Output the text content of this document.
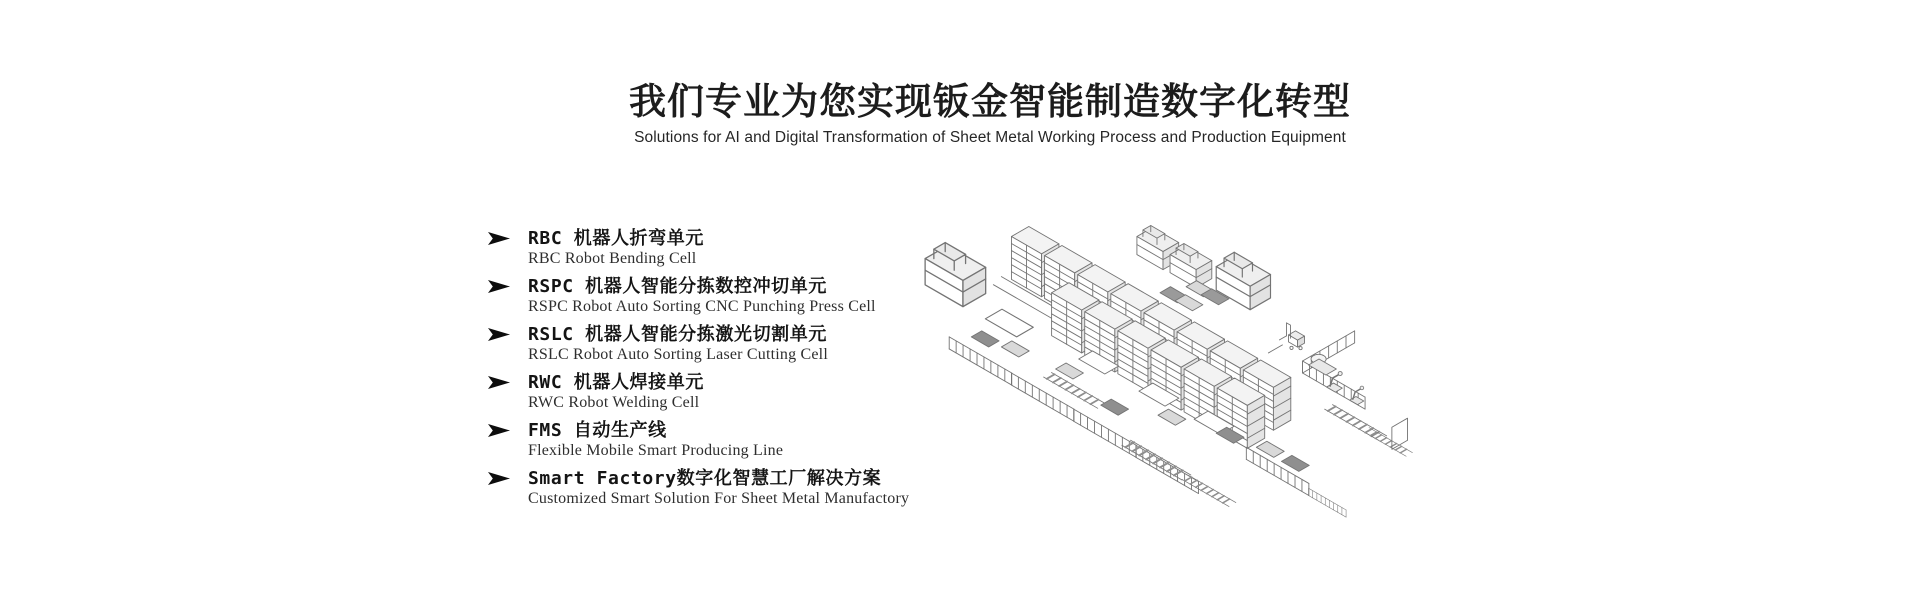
我们专业为您实现钣金智能制造数字化转型

Solutions for AI and Digital Transformation of Sheet Metal Working Process and Production Equipment

RBC 机器人折弯单元
RBC Robot Bending Cell
RSPC 机器人智能分拣数控冲切单元
RSPC Robot Auto Sorting CNC Punching Press Cell
RSLC 机器人智能分拣激光切割单元
RSLC Robot Auto Sorting Laser Cutting Cell
RWC 机器人焊接单元
RWC Robot Welding Cell
FMS 自动生产线
Flexible Mobile Smart Producing Line
Smart Factory数字化智慧工厂解决方案
Customized Smart Solution For Sheet Metal Manufactory
